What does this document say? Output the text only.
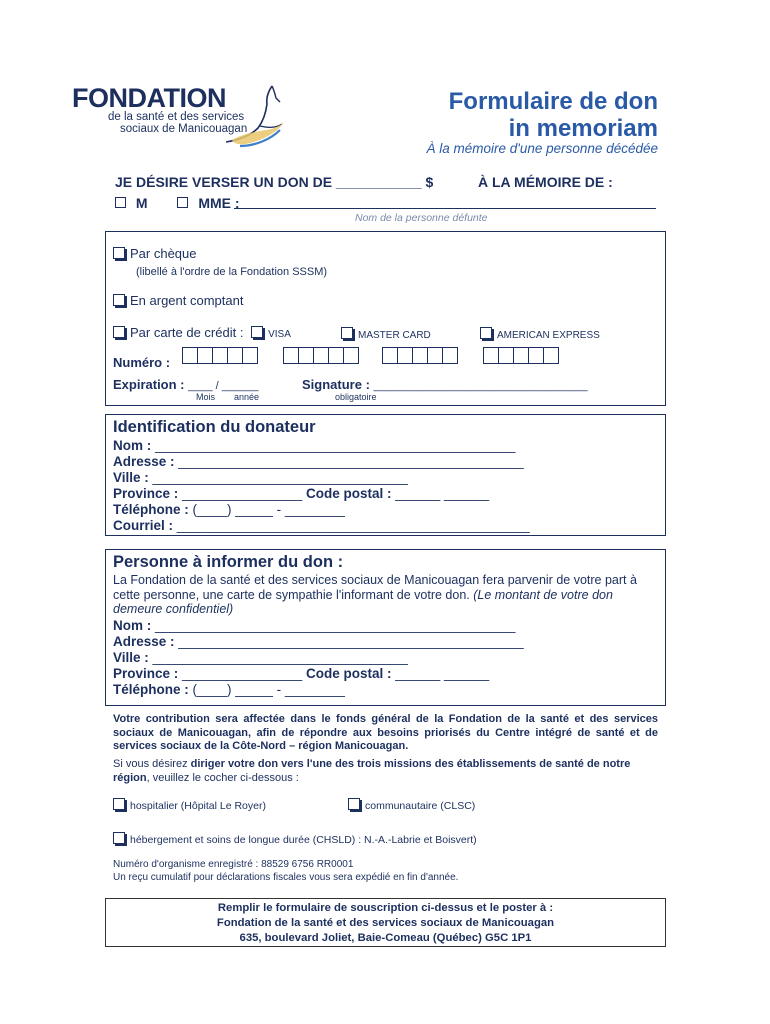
FONDATION
de la santé et des services
sociaux de Manicouagan
Formulaire de don
in memoriam
À la mémoire d'une personne décédée
JE DÉSIRE VERSER UN DON DE ___________ $	À LA MÉMOIRE DE :
M	MME :
Nom de la personne défunte
Par chèque
(libellé à l'ordre de la Fondation SSSM)
En argent comptant
Par carte de crédit : VISA	MASTER CARD	AMERICAN EXPRESS
Numéro :
Expiration : ____ / ______
Mois année
Signature : ___________________________________
obligatoire
Identification du donateur
Nom : ________________________________________________
Adresse : ______________________________________________
Ville : __________________________________
Province : ________________ Code postal : ______ ______
Téléphone : (____) _____ - ________
Courriel : _______________________________________________
Personne à informer du don :
La Fondation de la santé et des services sociaux de Manicouagan fera parvenir de votre part à cette personne, une carte de sympathie l'informant de votre don. (Le montant de votre don demeure confidentiel)
Nom : ________________________________________________
Adresse : ______________________________________________
Ville : __________________________________
Province : ________________ Code postal : ______ ______
Téléphone : (____) _____ - ________
Votre contribution sera affectée dans le fonds général de la Fondation de la santé et des services sociaux de Manicouagan, afin de répondre aux besoins priorisés du Centre intégré de santé et de services sociaux de la Côte-Nord – région Manicouagan.
Si vous désirez diriger votre don vers l'une des trois missions des établissements de santé de notre région, veuillez le cocher ci-dessous :
hospitalier (Hôpital Le Royer)	communautaire (CLSC)
hébergement et soins de longue durée (CHSLD) : N.-A.-Labrie et Boisvert)
Numéro d'organisme enregistré : 88529 6756 RR0001
Un reçu cumulatif pour déclarations fiscales vous sera expédié en fin d'année.
Remplir le formulaire de souscription ci-dessus et le poster à :
Fondation de la santé et des services sociaux de Manicouagan
635, boulevard Joliet, Baie-Comeau (Québec) G5C 1P1
